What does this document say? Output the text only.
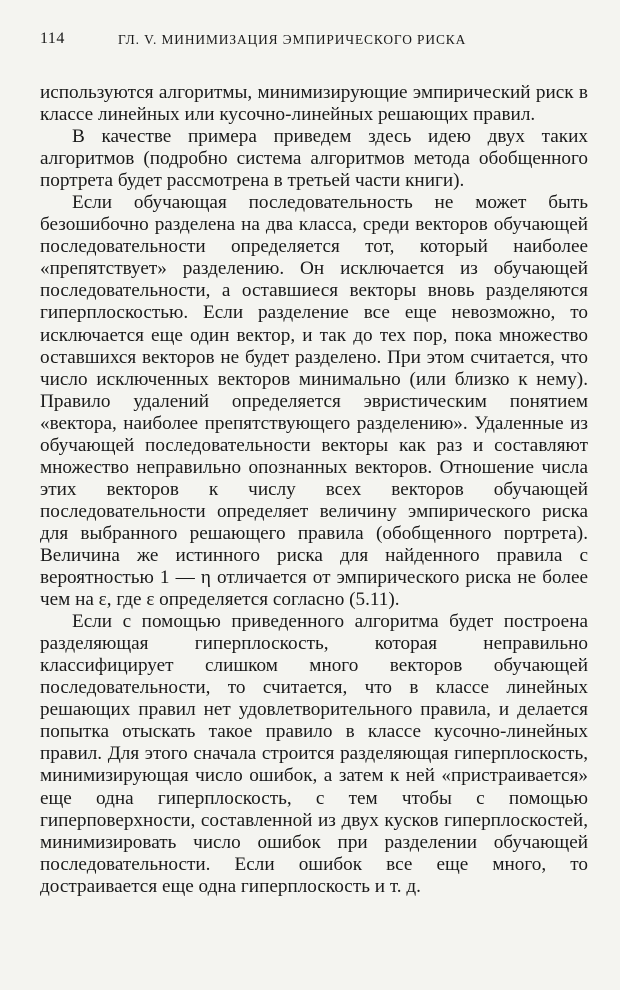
114	ГЛ. V. МИНИМИЗАЦИЯ ЭМПИРИЧЕСКОГО РИСКА

используются алгоритмы, минимизирующие эмпирический риск в классе линейных или кусочно-линейных решающих правил.

В качестве примера приведем здесь идею двух таких алгоритмов (подробно система алгоритмов метода обобщенного портрета будет рассмотрена в третьей части книги).

Если обучающая последовательность не может быть безошибочно разделена на два класса, среди векторов обучающей последовательности определяется тот, который наиболее «препятствует» разделению. Он исключается из обучающей последовательности, а оставшиеся векторы вновь разделяются гиперплоскостью. Если разделение все еще невозможно, то исключается еще один вектор, и так до тех пор, пока множество оставшихся векторов не будет разделено. При этом считается, что число исключенных векторов минимально (или близко к нему). Правило удалений определяется эвристическим понятием «вектора, наиболее препятствующего разделению». Удаленные из обучающей последовательности векторы как раз и составляют множество неправильно опознанных векторов. Отношение числа этих векторов к числу всех векторов обучающей последовательности определяет величину эмпирического риска для выбранного решающего правила (обобщенного портрета). Величина же истинного риска для найденного правила с вероятностью 1 — η отличается от эмпирического риска не более чем на ε, где ε определяется согласно (5.11).

Если с помощью приведенного алгоритма будет построена разделяющая гиперплоскость, которая неправильно классифицирует слишком много векторов обучающей последовательности, то считается, что в классе линейных решающих правил нет удовлетворительного правила, и делается попытка отыскать такое правило в классе кусочно-линейных правил. Для этого сначала строится разделяющая гиперплоскость, минимизирующая число ошибок, а затем к ней «пристраивается» еще одна гиперплоскость, с тем чтобы с помощью гиперповерхности, составленной из двух кусков гиперплоскостей, минимизировать число ошибок при разделении обучающей последовательности. Если ошибок все еще много, то достраивается еще одна гиперплоскость и т. д.
